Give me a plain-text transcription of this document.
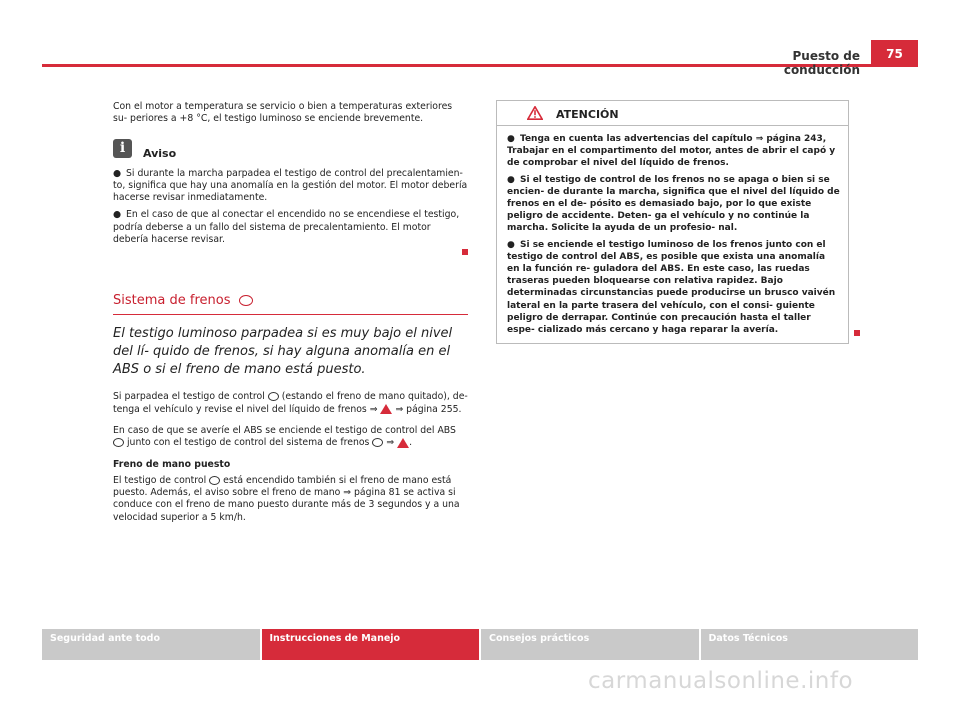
Puesto de conducción
75

Con el motor a temperatura se servicio o bien a temperaturas exteriores su- periores a +8 °C, el testigo luminoso se enciende brevemente.

i	Aviso

● Si durante la marcha parpadea el testigo de control del precalentamien- to, significa que hay una anomalía en la gestión del motor. El motor debería hacerse revisar inmediatamente.

● En el caso de que al conectar el encendido no se encendiese el testigo, podría deberse a un fallo del sistema de precalentamiento. El motor debería hacerse revisar.

Sistema de frenos

El testigo luminoso parpadea si es muy bajo el nivel del lí- quido de frenos, si hay alguna anomalía en el ABS o si el freno de mano está puesto.

Si parpadea el testigo de control (estando el freno de mano quitado), de- tenga el vehículo y revise el nivel del líquido de frenos ⇒ ⇒ página 255.

En caso de que se averíe el ABS se enciende el testigo de control del ABS  junto con el testigo de control del sistema de frenos ⇒ .

Freno de mano puesto

El testigo de control está encendido también si el freno de mano está puesto. Además, el aviso sobre el freno de mano ⇒ página 81 se activa si conduce con el freno de mano puesto durante más de 3 segundos y a una velocidad superior a 5 km/h.

ATENCIÓN

● Tenga en cuenta las advertencias del capítulo ⇒ página 243, Trabajar en el compartimento del motor, antes de abrir el capó y de comprobar el nivel del líquido de frenos.

● Si el testigo de control de los frenos no se apaga o bien si se encien- de durante la marcha, significa que el nivel del líquido de frenos en el de- pósito es demasiado bajo, por lo que existe peligro de accidente. Deten- ga el vehículo y no continúe la marcha. Solicite la ayuda de un profesio- nal.

● Si se enciende el testigo luminoso de los frenos junto con el testigo de control del ABS, es posible que exista una anomalía en la función re- guladora del ABS. En este caso, las ruedas traseras pueden bloquearse con relativa rapidez. Bajo determinadas circunstancias puede producirse un brusco vaivén lateral en la parte trasera del vehículo, con el consi- guiente peligro de derrapar. Continúe con precaución hasta el taller espe- cializado más cercano y haga reparar la avería.

Seguridad ante todo	Instrucciones de Manejo	Consejos prácticos	Datos Técnicos
carmanualsonline.info
